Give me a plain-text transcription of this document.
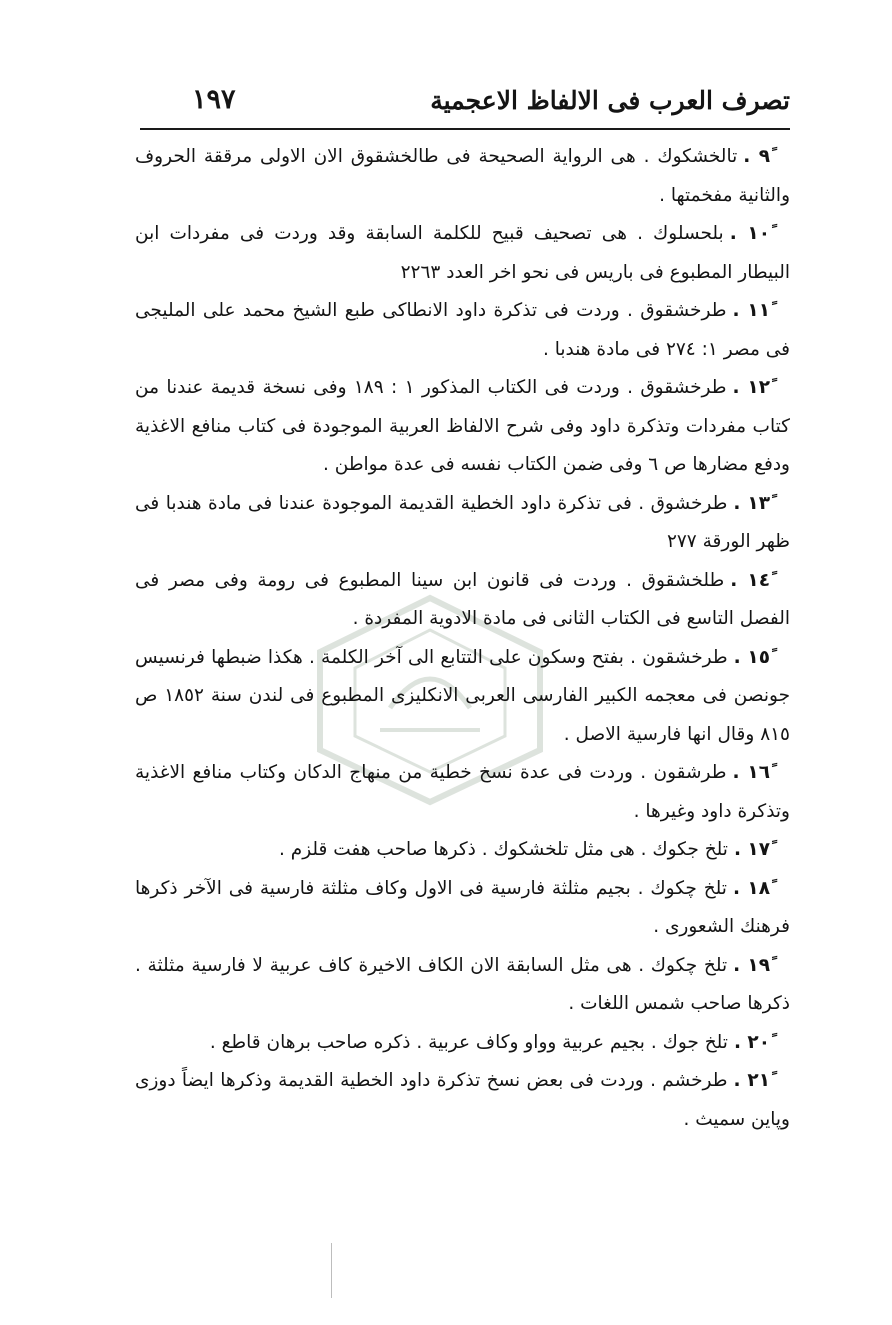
تصرف العرب فى الالفاظ الاعجمية
١٩٧

٩ً .تالخشكوك . هى الرواية الصحيحة فى طالخشقوق الان الاولى مرققة الحروف والثانية مفخمتها .

١٠ً .بلحسلوك . هى تصحيف قبيح للكلمة السابقة وقد وردت فى مفردات ابن البيطار المطبوع فى باريس فى نحو اخر العدد ٢٢٦٣

١١ً .طرخشقوق . وردت فى تذكرة داود الانطاكى طبع الشيخ محمد على المليجى فى مصر ١: ٢٧٤ فى مادة هندبا .

١٢ً .طرخشقوق . وردت فى الكتاب المذكور ١ : ١٨٩ وفى نسخة قديمة عندنا من كتاب مفردات وتذكرة داود وفى شرح الالفاظ العربية الموجودة فى كتاب منافع الاغذية ودفع مضارها ص ٦ وفى ضمن الكتاب نفسه فى عدة مواطن .

١٣ً .طرخشوق . فى تذكرة داود الخطية القديمة الموجودة عندنا فى مادة هندبا فى ظهر الورقة ٢٧٧

١٤ً .طلخشقوق . وردت فى قانون ابن سينا المطبوع فى رومة وفى مصر فى الفصل التاسع فى الكتاب الثانى فى مادة الادوية المفردة .

١٥ً .طرخشقون . بفتح وسكون على التتابع الى آخر الكلمة . هكذا ضبطها فرنسيس جونصن فى معجمه الكبير الفارسى العربى الانكليزى المطبوع فى لندن سنة ١٨٥٢ ص ٨١٥ وقال انها فارسية الاصل .

١٦ً .طرشقون . وردت فى عدة نسخ خطية من منهاج الدكان وكتاب منافع الاغذية وتذكرة داود وغيرها .

١٧ً .تلخ جكوك . هى مثل تلخشكوك . ذكرها صاحب هفت قلزم .

١٨ً .تلخ چكوك . بجيم مثلثة فارسية فى الاول وكاف مثلثة فارسية فى الآخر ذكرها فرهنك الشعورى .

١٩ً .تلخ چكوك . هى مثل السابقة الان الكاف الاخيرة كاف عربية لا فارسية مثلثة . ذكرها صاحب شمس اللغات .

٢٠ً .تلخ جوك . بجيم عربية وواو وكاف عربية . ذكره صاحب برهان قاطع .

٢١ً .طرخشم . وردت فى بعض نسخ تذكرة داود الخطية القديمة وذكرها ايضاً دوزى وپاين سميث .
